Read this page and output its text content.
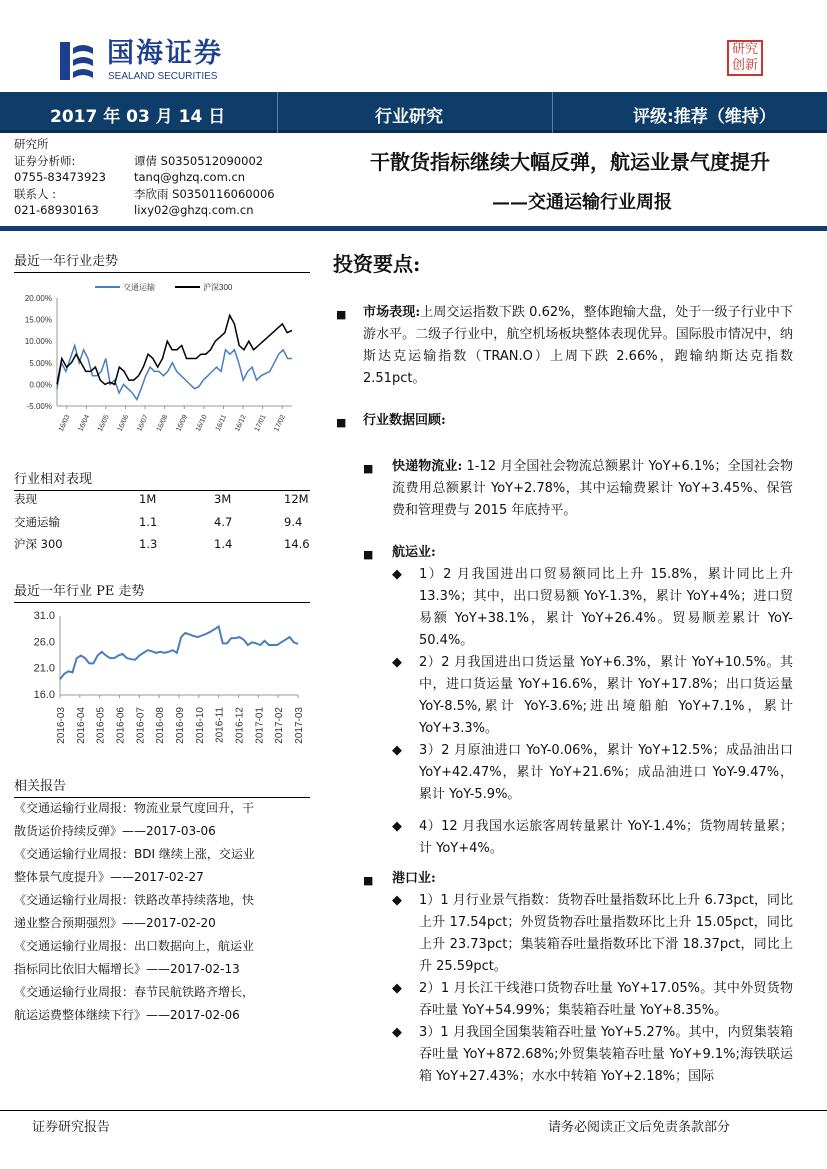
国海证券
SEALAND SECURITIES
研究
创新
2017 年 03 月 14 日	行业研究	评级:推荐（维持）
研究所
证券分析师:	谭倩 S0350512090002
0755-83473923	tanq@ghzq.com.cn
联系人 :	李欣雨 S0350116060006
021-68930163	lixy02@ghzq.com.cn
干散货指标继续大幅反弹，航运业景气度提升
——交通运输行业周报
最近一年行业走势
20.00%
15.00%
10.00%
5.00%
0.00%
-5.00%
16/03 16/04 16/05 16/06 16/07 16/08 16/09 16/10 16/11 16/12 17/01 17/02
交通运输	沪深300
行业相对表现
表现	1M	3M	12M
交通运输	1.1	4.7	9.4
沪深 300	1.3	1.4	14.6
最近一年行业 PE 走势
31.0
26.0
21.0
16.0
2016-03 2016-04 2016-05 2016-06 2016-07 2016-08 2016-09 2016-10 2016-11 2016-12 2017-01 2017-02 2017-03
相关报告
《交通运输行业周报：物流业景气度回升，干
散货运价持续反弹》——2017-03-06
《交通运输行业周报：BDI 继续上涨，交运业
整体景气度提升》——2017-02-27
《交通运输行业周报：铁路改革持续落地，快
递业整合预期强烈》——2017-02-20
《交通运输行业周报：出口数据向上，航运业
指标同比依旧大幅增长》——2017-02-13
《交通运输行业周报：春节民航铁路齐增长，
航运运费整体继续下行》——2017-02-06
投资要点:
■ 市场表现:上周交运指数下跌 0.62%，整体跑输大盘，处于一级子行业中下游水平。二级子行业中，航空机场板块整体表现优异。国际股市情况中，纳斯达克运输指数（TRAN.O）上周下跌 2.66%，跑输纳斯达克指数 2.51pct。
■ 行业数据回顾:
■ 快递物流业: 1-12 月全国社会物流总额累计 YoY+6.1%；全国社会物流费用总额累计 YoY+2.78%，其中运输费累计 YoY+3.45%、保管费和管理费与 2015 年底持平。
■ 航运业:
◆	1）2 月我国进出口贸易额同比上升 15.8%，累计同比上升 13.3%；其中，出口贸易额 YoY-1.3%，累计 YoY+4%；进口贸易额 YoY+38.1%，累计 YoY+26.4%。贸易顺差累计 YoY-50.4%。
◆	2）2 月我国进出口货运量 YoY+6.3%，累计 YoY+10.5%。其中，进口货运量 YoY+16.6%，累计 YoY+17.8%；出口货运量 YoY-8.5%,累计 YoY-3.6%;进出境船舶 YoY+7.1%，累计 YoY+3.3%。
◆	3）2 月原油进口 YoY-0.06%，累计 YoY+12.5%；成品油出口 YoY+42.47%，累计 YoY+21.6%；成品油进口 YoY-9.47%，累计 YoY-5.9%。
◆	4）12 月我国水运旅客周转量累计 YoY-1.4%；货物周转量累；计 YoY+4%。
■ 港口业:
◆	1）1 月行业景气指数：货物吞吐量指数环比上升 6.73pct，同比上升 17.54pct；外贸货物吞吐量指数环比上升 15.05pct，同比上升 23.73pct；集装箱吞吐量指数环比下滑 18.37pct，同比上升 25.59pct。
◆	2）1 月长江干线港口货物吞吐量 YoY+17.05%。其中外贸货物吞吐量 YoY+54.99%；集装箱吞吐量 YoY+8.35%。
◆	3）1 月我国全国集装箱吞吐量 YoY+5.27%。其中，内贸集装箱吞吐量 YoY+872.68%;外贸集装箱吞吐量 YoY+9.1%;海铁联运箱 YoY+27.43%；水水中转箱 YoY+2.18%；国际
证券研究报告	请务必阅读正文后免责条款部分
